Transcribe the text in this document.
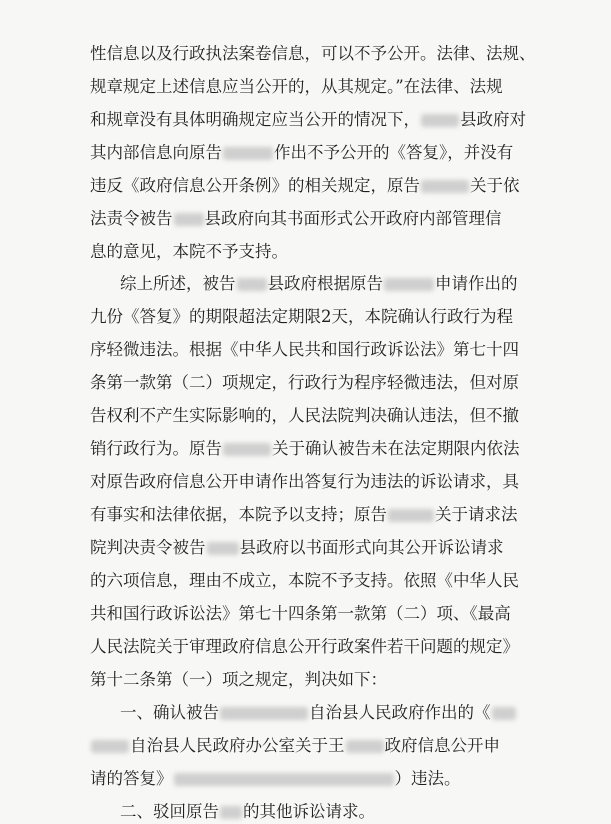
性信息以及行政执法案卷信息，可以不予公开。法律、法规、
规章规定上述信息应当公开的，从其规定。”在法律、法规
和规章没有具体明确规定应当公开的情况下， 县政府对
其内部信息向原告	作出不予公开的《答复》，并没有
违反《政府信息公开条例》的相关规定，原告	关于依
法责令被告 县政府向其书面形式公开政府内部管理信
息的意见，本院不予支持。
综上所述，被告 县政府根据原告	申请作出的
九份《答复》的期限超法定期限2天，本院确认行政行为程
序轻微违法。根据《中华人民共和国行政诉讼法》第七十四
条第一款第（二）项规定，行政行为程序轻微违法，但对原
告权利不产生实际影响的，人民法院判决确认违法，但不撤
销行政行为。原告	关于确认被告未在法定期限内依法
对原告政府信息公开申请作出答复行为违法的诉讼请求，具
有事实和法律依据，本院予以支持；原告	关于请求法
院判决责令被告 县政府以书面形式向其公开诉讼请求
的六项信息，理由不成立，本院不予支持。依照《中华人民
共和国行政诉讼法》第七十四条第一款第（二）项、《最高
人民法院关于审理政府信息公开行政案件若干问题的规定》
第十二条第（一）项之规定，判决如下：
一、确认被告	自治县人民政府作出的《
自治县人民政府办公室关于王 政府信息公开申
请的答复》	）违法。
二、驳回原告 的其他诉讼请求。
